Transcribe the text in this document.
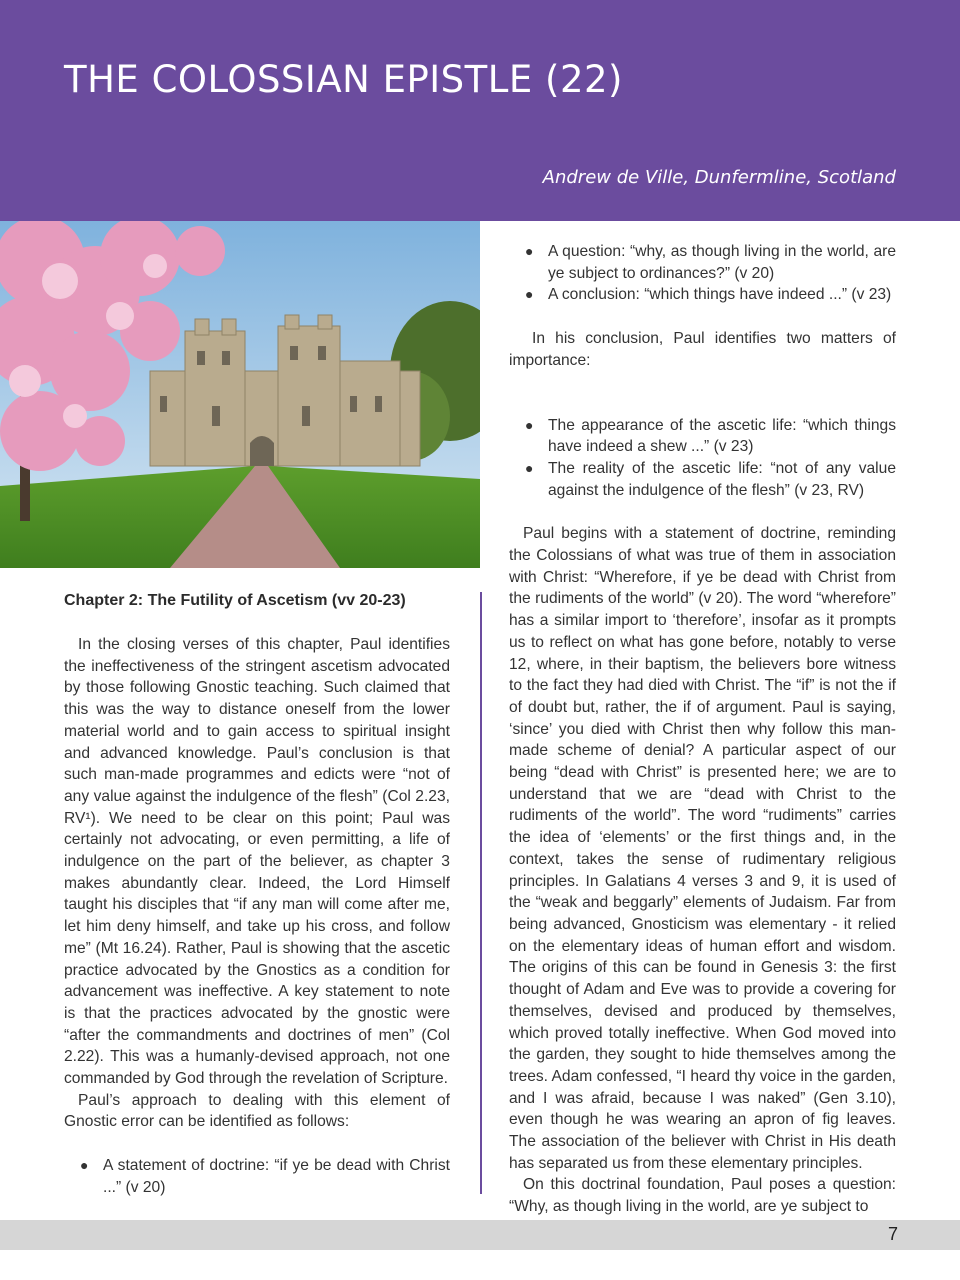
THE COLOSSIAN EPISTLE (22)
Andrew de Ville, Dunfermline, Scotland
Chapter 2: The Futility of Ascetism (vv 20-23)

In the closing verses of this chapter, Paul identifies the ineffectiveness of the stringent ascetism advocated by those following Gnostic teaching. Such claimed that this was the way to distance oneself from the lower material world and to gain access to spiritual insight and advanced knowledge. Paul’s conclusion is that such man-made programmes and edicts were “not of any value against the indulgence of the flesh” (Col 2.23, RV¹). We need to be clear on this point; Paul was certainly not advocating, or even permitting, a life of indulgence on the part of the believer, as chapter 3 makes abundantly clear. Indeed, the Lord Himself taught his disciples that “if any man will come after me, let him deny himself, and take up his cross, and follow me” (Mt 16.24). Rather, Paul is showing that the ascetic practice advocated by the Gnostics as a condition for advancement was ineffective. A key statement to note is that the practices advocated by the gnostic were “after the commandments and doctrines of men” (Col 2.22). This was a humanly-devised approach, not one commanded by God through the revelation of Scripture.

Paul’s approach to dealing with this element of Gnostic error can be identified as follows:

● A statement of doctrine: “if ye be dead with Christ ...” (v 20)
● A question: “why, as though living in the world, are ye subject to ordinances?” (v 20)
● A conclusion: “which things have indeed ...” (v 23)

In his conclusion, Paul identifies two matters of importance:

● The appearance of the ascetic life: “which things have indeed a shew ...” (v 23)
● The reality of the ascetic life: “not of any value against the indulgence of the flesh” (v 23, RV)

Paul begins with a statement of doctrine, reminding the Colossians of what was true of them in association with Christ: “Wherefore, if ye be dead with Christ from the rudiments of the world” (v 20). The word “wherefore” has a similar import to ‘therefore’, insofar as it prompts us to reflect on what has gone before, notably to verse 12, where, in their baptism, the believers bore witness to the fact they had died with Christ. The “if” is not the if of doubt but, rather, the if of argument. Paul is saying, ‘since’ you died with Christ then why follow this man-made scheme of denial? A particular aspect of our being “dead with Christ” is presented here; we are to understand that we are “dead with Christ to the rudiments of the world”. The word “rudiments” carries the idea of ‘elements’ or the first things and, in the context, takes the sense of rudimentary religious principles. In Galatians 4 verses 3 and 9, it is used of the “weak and beggarly” elements of Judaism. Far from being advanced, Gnosticism was elementary - it relied on the elementary ideas of human effort and wisdom. The origins of this can be found in Genesis 3: the first thought of Adam and Eve was to provide a covering for themselves, devised and produced by themselves, which proved totally ineffective. When God moved into the garden, they sought to hide themselves among the trees. Adam confessed, “I heard thy voice in the garden, and I was afraid, because I was naked” (Gen 3.10), even though he was wearing an apron of fig leaves. The association of the believer with Christ in His death has separated us from these elementary principles.

On this doctrinal foundation, Paul poses a question: “Why, as though living in the world, are ye subject to

7
